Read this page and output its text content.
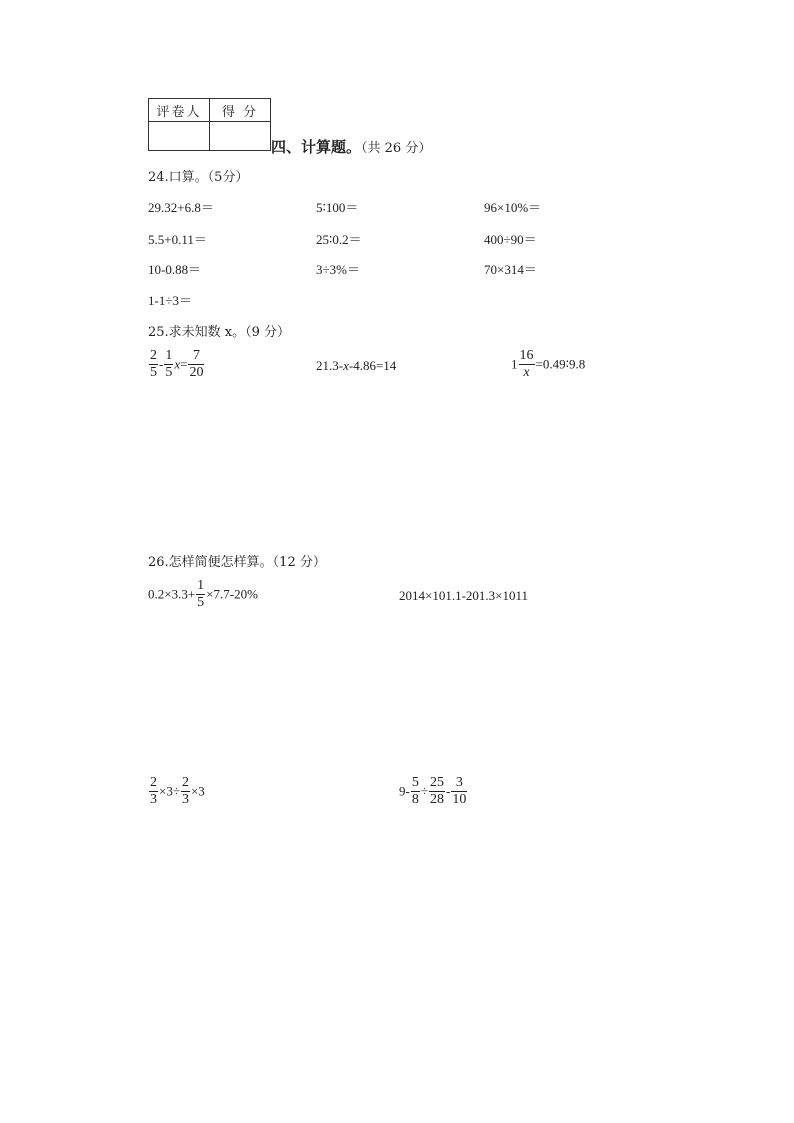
评卷人	得 分

四、计算题。（共 26 分）
24.口算。（5分）
29.32+6.8＝	5∶100＝	96×10%＝
5.5+0.11＝	25∶0.2＝	400÷90＝
10-0.88＝	3÷3%＝	70×314＝
1-1÷3＝
25.求未知数 x。（9 分）
$\frac{2}{5} - \frac{1}{5} x= \frac{7}{20}$	21.3-x-4.86=14	$1 \frac{16}{x}$ =0.49∶9.8
26.怎样简便怎样算。（12 分）
$0.2\times 3.3+ \frac{1}{5} \times 7.7-20\%$	2014×101.1-201.3×1011
$\frac{2}{3} \times 3\div \frac{2}{3} \times 3$	$9- \frac{5}{8} \div \frac{25}{28} - \frac{3}{10}$
